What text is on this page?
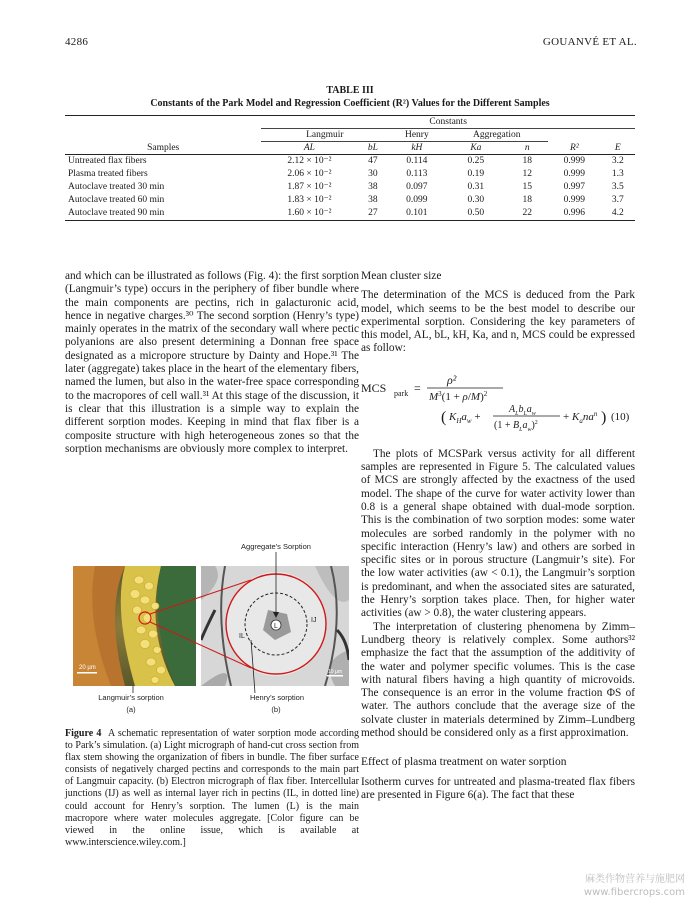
4286	GOUANVÉ ET AL.
TABLE III
Constants of the Park Model and Regression Coefficient (R²) Values for the Different Samples
	Constants						
	Langmuir		Henry	Aggregation			
Samples	AL	bL	kH	Ka	n	R²	E
Untreated flax fibers	2.12 × 10⁻²	47	0.114	0.25	18	0.999	3.2
Plasma treated fibers	2.06 × 10⁻²	30	0.113	0.19	12	0.999	1.3
Autoclave treated 30 min	1.87 × 10⁻²	38	0.097	0.31	15	0.997	3.5
Autoclave treated 60 min	1.83 × 10⁻²	38	0.099	0.30	18	0.999	3.7
Autoclave treated 90 min	1.60 × 10⁻²	27	0.101	0.50	22	0.996	4.2

and which can be illustrated as follows (Fig. 4): the first sorption (Langmuir’s type) occurs in the periphery of fiber bundle where the main components are pectins, rich in galacturonic acid, hence in negative charges.³⁰ The second sorption (Henry’s type) mainly operates in the matrix of the secondary wall where pectic polyanions are also present determining a Donnan free space designated as a micropore structure by Dainty and Hope.³¹ The later (aggregate) takes place in the heart of the elementary fibers, named the lumen, but also in the water-free space corresponding to the macropores of cell wall.³¹ At this stage of the discussion, it is clear that this illustration is a simple way to explain the different sorption modes. Keeping in mind that flax fiber is a composite structure with high heterogeneous zones so that the sorption mechanisms are obviously more complex to interpret.

20 µm
10 µm
L
IL
IJ
Aggregate’s Sorption
Langmuir’s sorption	Henry’s sorption
(a)	(b)
Figure 4 A schematic representation of water sorption mode according to Park’s simulation. (a) Light micrograph of hand-cut cross section from flax stem showing the organization of fibers in bundle. The fiber surface consists of negatively charged pectins and corresponds to the main part of Langmuir capacity. (b) Electron micrograph of flax fiber. Intercellular junctions (IJ) as well as internal layer rich in pectins (IL, in dotted line) could account for Henry’s sorption. The lumen (L) is the main macropore where water molecules aggregate. [Color figure can be viewed in the online issue, which is available at www.interscience.wiley.com.]
Mean cluster size

The determination of the MCS is deduced from the Park model, which seems to be the best model to describe our experimental sorption. Considering the key parameters of this model, AL, bL, kH, Ka, and n, MCS could be expressed as follow:

MCS park =
ρ²
$M^3(1 + \rho/M)^2$
( $K_Ha_w$ +
$A_Lb_La_w$
$(1 + B_La_w)^2 + K_ana^n$ ) (10)

The plots of MCSPark versus activity for all different samples are represented in Figure 5. The calculated values of MCS are strongly affected by the exactness of the used model. The shape of the curve for water activity lower than 0.8 is a general shape obtained with dual-mode sorption. This is the combination of two sorption modes: some water molecules are sorbed randomly in the polymer with no specific interaction (Henry’s law) and others are sorbed in specific sites or in porous structure (Langmuir’s site). For the low water activities (aw < 0.1), the Langmuir’s sorption is predominant, and when the associated sites are saturated, the Henry’s sorption takes place. Then, for higher water activities (aw > 0.8), the water clustering appears.

The interpretation of clustering phenomena by Zimm–Lundberg theory is relatively complex. Some authors³² emphasize the fact that the assumption of the additivity of the water and polymer specific volumes. This is the case with natural fibers having a high quantity of microvoids. The consequence is an error in the volume fraction ΦS of water. The authors conclude that the average size of the solvate cluster in materials determined by Zimm–Lundberg method should be considered only as a first approximation.

Effect of plasma treatment on water sorption

Isotherm curves for untreated and plasma-treated flax fibers are presented in Figure 6(a). The fact that these

麻类作物营养与施肥网
www.fibercrops.com
